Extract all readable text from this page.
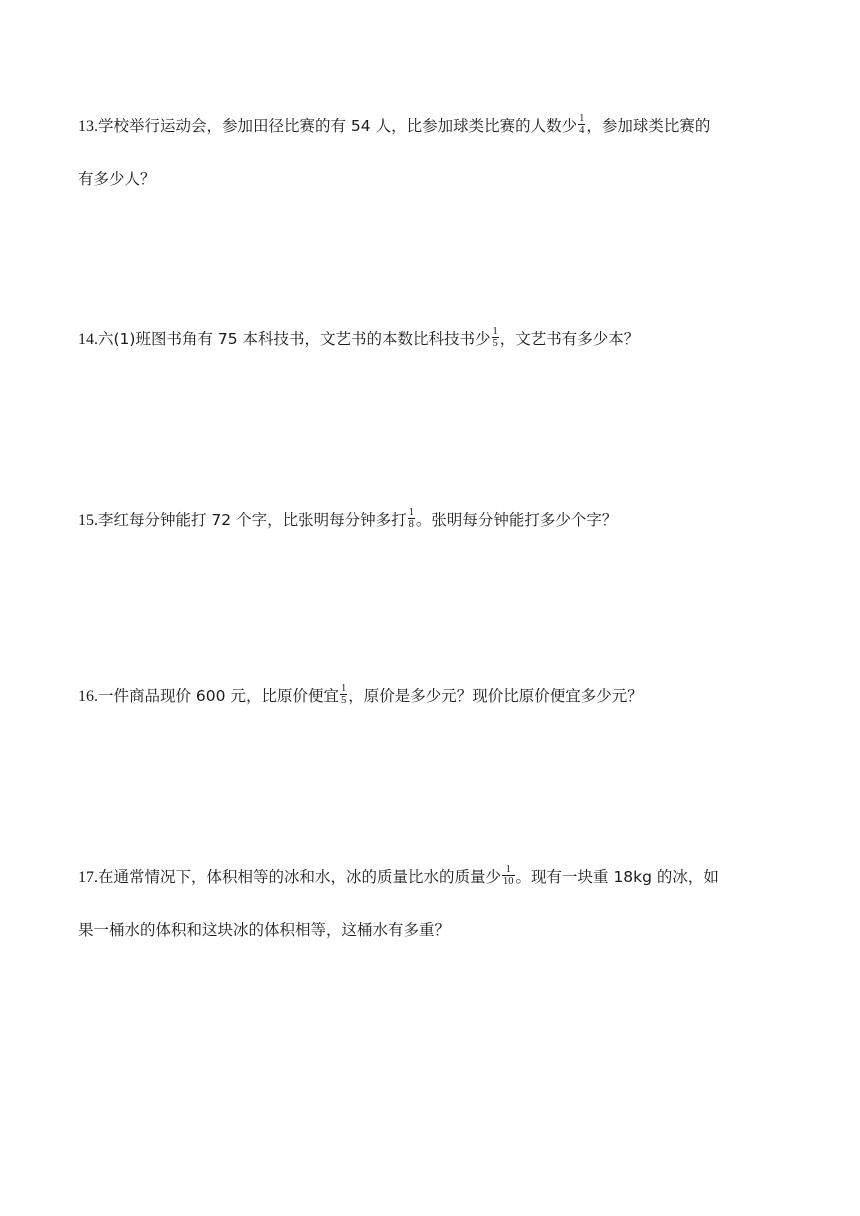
13.学校举行运动会，参加田径比赛的有 54 人，比参加球类比赛的人数少 $\frac{1}{4}$ ，参加球类比赛的

有多少人？

14.六(1)班图书角有 75 本科技书，文艺书的本数比科技书少 $\frac{1}{5}$ ，文艺书有多少本？

15.李红每分钟能打 72 个字，比张明每分钟多打 $\frac{1}{8}$ 。张明每分钟能打多少个字？

16.一件商品现价 600 元，比原价便宜 $\frac{1}{5}$ ，原价是多少元？现价比原价便宜多少元？

17.在通常情况下，体积相等的冰和水，冰的质量比水的质量少 $\frac{1}{10}$ 。现有一块重 18kg 的冰，如

果一桶水的体积和这块冰的体积相等，这桶水有多重？
